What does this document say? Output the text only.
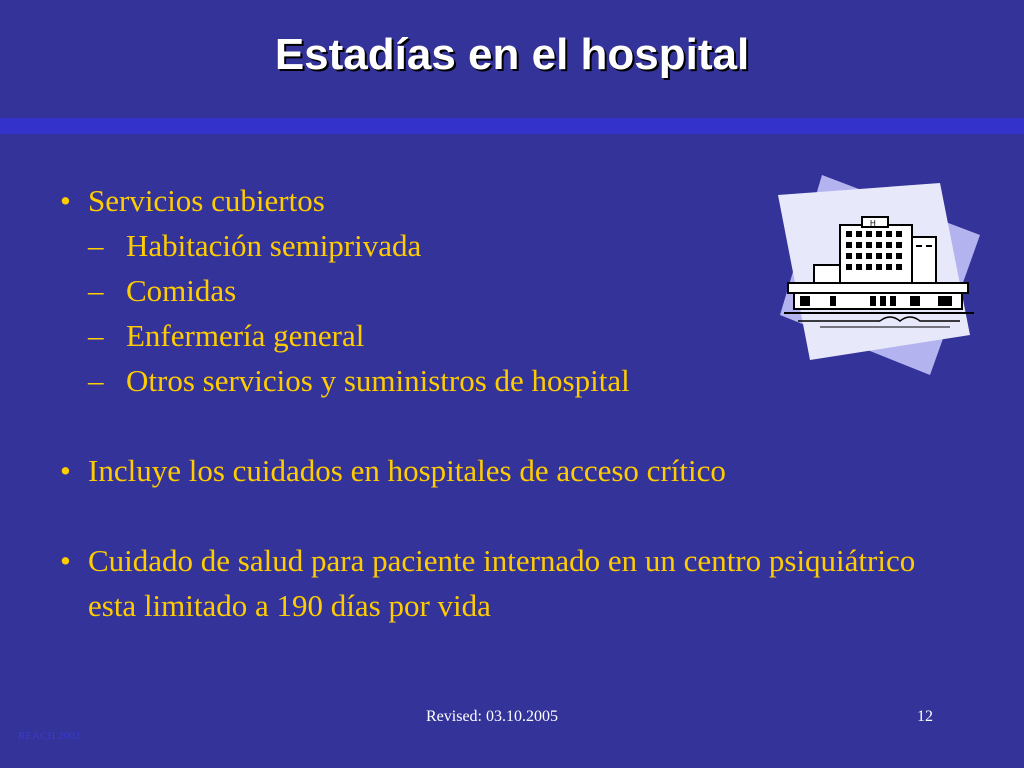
Estadías en el hospital
• Servicios cubiertos
– Habitación semiprivada
– Comidas
– Enfermería general
– Otros servicios y suministros de hospital
• Incluye los cuidados en hospitales de acceso crítico
• Cuidado de salud para paciente internado en un centro psiquiátrico esta limitado a 190 días por vida
H
Revised: 03.10.2005	12
REACH 2002
